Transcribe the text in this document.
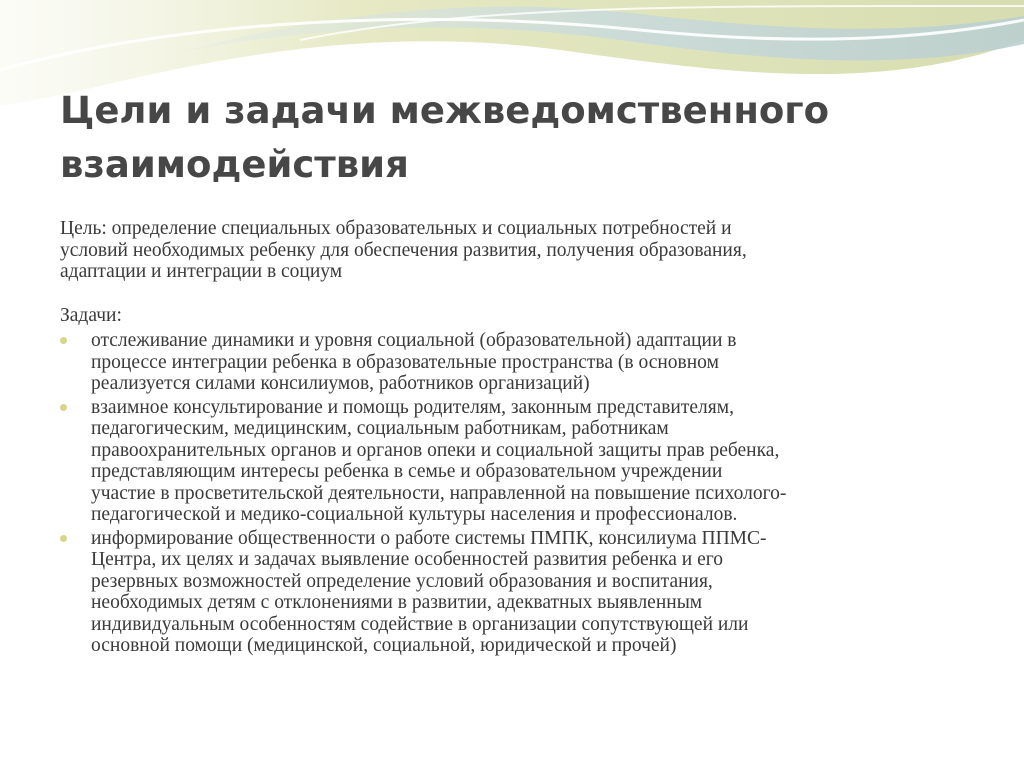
Цели и задачи межведомственного
взаимодействия

Цель: определение специальных образовательных и социальных потребностей и
условий необходимых ребенку для обеспечения развития, получения образования,
адаптации и интеграции в социум

Задачи:

отслеживание динамики и уровня социальной (образовательной) адаптации в
процессе интеграции ребенка в образовательные пространства (в основном
реализуется силами консилиумов, работников организаций)
взаимное консультирование и помощь родителям, законным представителям,
педагогическим, медицинским, социальным работникам, работникам
правоохранительных органов и органов опеки и социальной защиты прав ребенка,
представляющим интересы ребенка в семье и образовательном учреждении
участие в просветительской деятельности, направленной на повышение психолого-
педагогической и медико-социальной культуры населения и профессионалов.
информирование общественности о работе системы ПМПК, консилиума ППМС-
Центра, их целях и задачах выявление особенностей развития ребенка и его
резервных возможностей определение условий образования и воспитания,
необходимых детям с отклонениями в развитии, адекватных выявленным
индивидуальным особенностям содействие в организации сопутствующей или
основной помощи (медицинской, социальной, юридической и прочей)
